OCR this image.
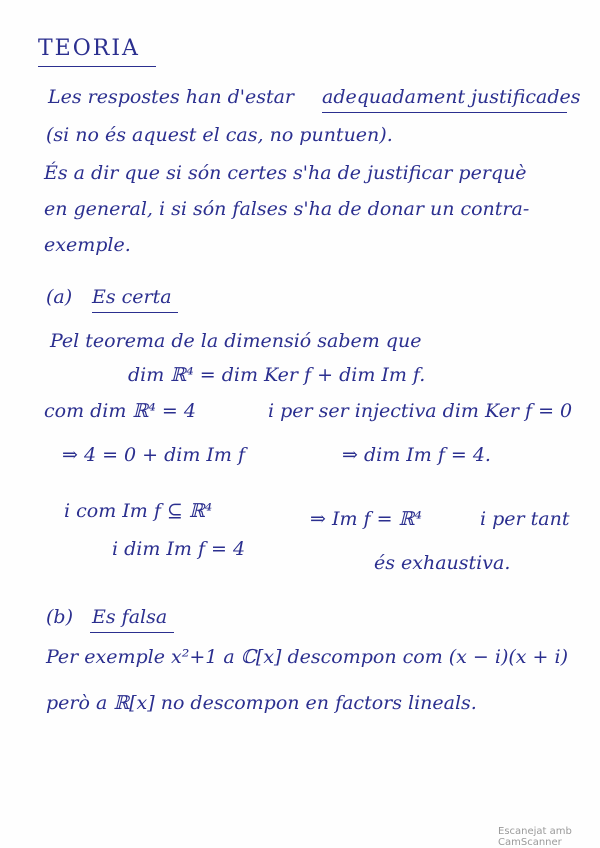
TEORIA
Les respostes han d'estar adequadament justificades
(si no és aquest el cas, no puntuen).
És a dir que si són certes s'ha de justificar perquè
en general, i si són falses s'ha de donar un contra-
exemple.
(a) Es certa
Pel teorema de la dimensió sabem que
dim ℝ⁴ = dim Ker f + dim Im f.
com dim ℝ⁴ = 4	i per ser injectiva dim Ker f = 0
⇒ 4 = 0 + dim Im f	⇒ dim Im f = 4.
i com Im f ⊆ ℝ⁴	⇒ Im f = ℝ⁴	i per tant
i dim Im f = 4
és exhaustiva.
(b) Es falsa
Per exemple x²+1 a ℂ[x] descompon com (x − i)(x + i)
però a ℝ[x] no descompon en factors lineals.
Escanejat amb CamScanner
